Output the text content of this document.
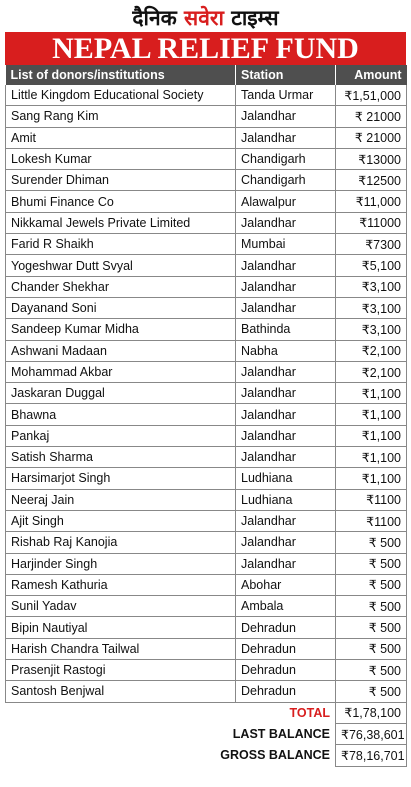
दैनिक सवेरा टाइम्स
NEPAL RELIEF FUND
List of donors/institutions	Station	Amount
Little Kingdom Educational Society	Tanda Urmar	₹1,51,000
Sang Rang Kim	Jalandhar	₹ 21000
Amit	Jalandhar	₹ 21000
Lokesh Kumar	Chandigarh	₹13000
Surender Dhiman	Chandigarh	₹12500
Bhumi Finance Co	Alawalpur	₹11,000
Nikkamal Jewels Private Limited	Jalandhar	₹11000
Farid R Shaikh	Mumbai	₹7300
Yogeshwar Dutt Svyal	Jalandhar	₹5,100
Chander Shekhar	Jalandhar	₹3,100
Dayanand Soni	Jalandhar	₹3,100
Sandeep Kumar Midha	Bathinda	₹3,100
Ashwani Madaan	Nabha	₹2,100
Mohammad Akbar	Jalandhar	₹2,100
Jaskaran Duggal	Jalandhar	₹1,100
Bhawna	Jalandhar	₹1,100
Pankaj	Jalandhar	₹1,100
Satish Sharma	Jalandhar	₹1,100
Harsimarjot Singh	Ludhiana	₹1,100
Neeraj Jain	Ludhiana	₹1100
Ajit Singh	Jalandhar	₹1100
Rishab Raj Kanojia	Jalandhar	₹ 500
Harjinder Singh	Jalandhar	₹ 500
Ramesh Kathuria	Abohar	₹ 500
Sunil Yadav	Ambala	₹ 500
Bipin Nautiyal	Dehradun	₹ 500
Harish Chandra Tailwal	Dehradun	₹ 500
Prasenjit Rastogi	Dehradun	₹ 500
Santosh Benjwal	Dehradun	₹ 500
TOTAL		₹1,78,100
LAST BALANCE		₹76,38,601
GROSS BALANCE		₹78,16,701
